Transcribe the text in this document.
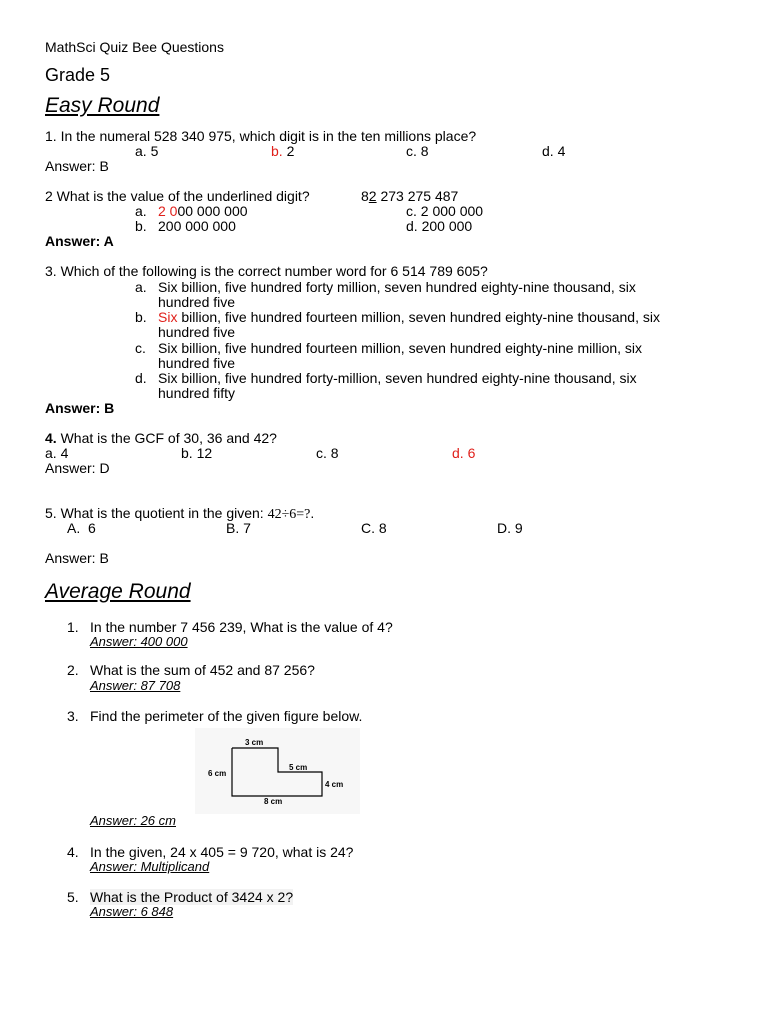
MathSci Quiz Bee Questions
Grade 5
Easy Round
1. In the numeral 528 340 975, which digit is in the ten millions place?
a. 5	b. 2	c. 8	d. 4
Answer: B
2 What is the value of the underlined digit?	82 273 275 487
a. 2 000 000 000	c. 2 000 000
b. 200 000 000	d. 200 000
Answer: A
3. Which of the following is the correct number word for 6 514 789 605?
a. Six billion, five hundred forty million, seven hundred eighty-nine thousand, six
hundred five
b. Six billion, five hundred fourteen million, seven hundred eighty-nine thousand, six
hundred five
c. Six billion, five hundred fourteen million, seven hundred eighty-nine million, six
hundred five
d. Six billion, five hundred forty-million, seven hundred eighty-nine thousand, six
hundred fifty
Answer: B
4. What is the GCF of 30, 36 and 42?
a. 4	b. 12	c. 8	d. 6
Answer: D
5. What is the quotient in the given: 42÷6=?.
A. 6	B. 7	C. 8	D. 9
Answer: B
Average Round
1. In the number 7 456 239, What is the value of 4?
Answer: 400 000
2. What is the sum of 452 and 87 256?
Answer: 87 708
3. Find the perimeter of the given figure below.
3 cm
6 cm
5 cm
4 cm
8 cm
Answer: 26 cm
4. In the given, 24 x 405 = 9 720, what is 24?
Answer: Multiplicand
5. What is the Product of 3424 x 2?
Answer: 6 848
